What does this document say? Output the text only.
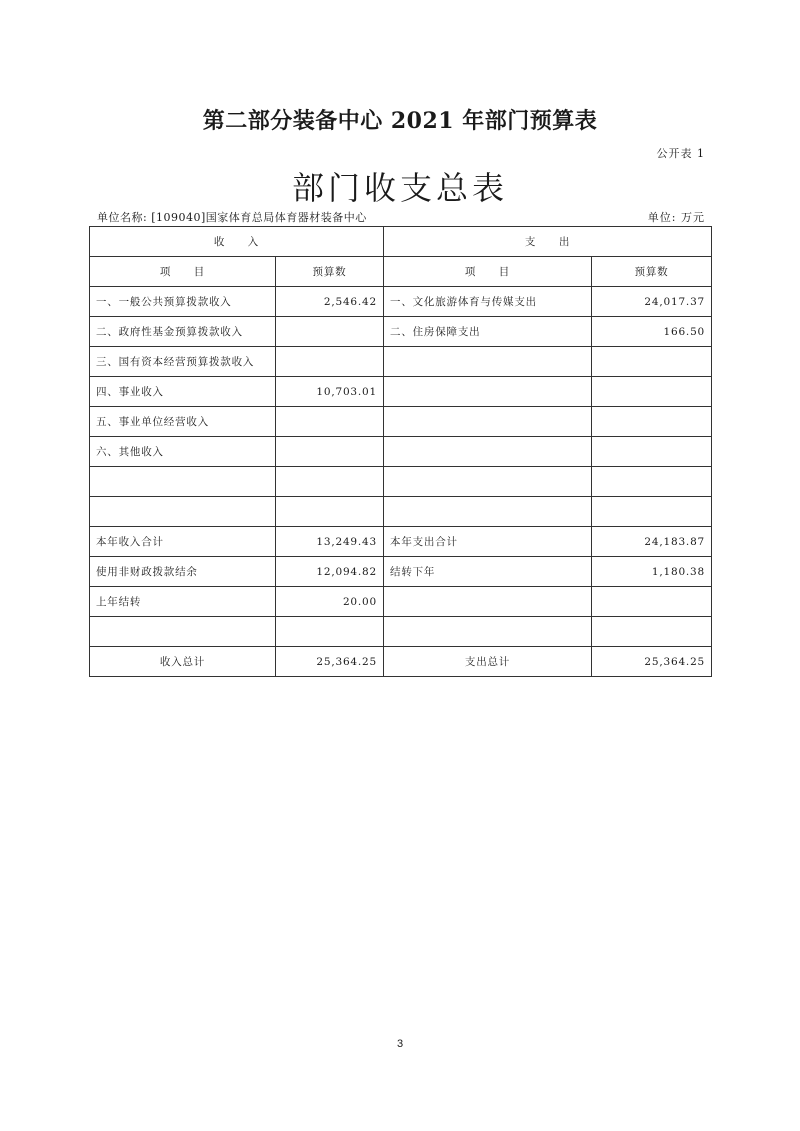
第二部分装备中心 2021 年部门预算表
公开表 1
部门收支总表
单位名称: [109040]国家体育总局体育器材装备中心	单位: 万元
收　　入		支　　出	
项　　目	预算数	项　　目	预算数
一、一般公共预算拨款收入	2,546.42	一、文化旅游体育与传媒支出	24,017.37
二、政府性基金预算拨款收入		二、住房保障支出	166.50
三、国有资本经营预算拨款收入			
四、事业收入	10,703.01		
五、事业单位经营收入			
六、其他收入			

本年收入合计	13,249.43	本年支出合计	24,183.87
使用非财政拨款结余	12,094.82	结转下年	1,180.38
上年结转	20.00		

收入总计	25,364.25	支出总计	25,364.25
3
